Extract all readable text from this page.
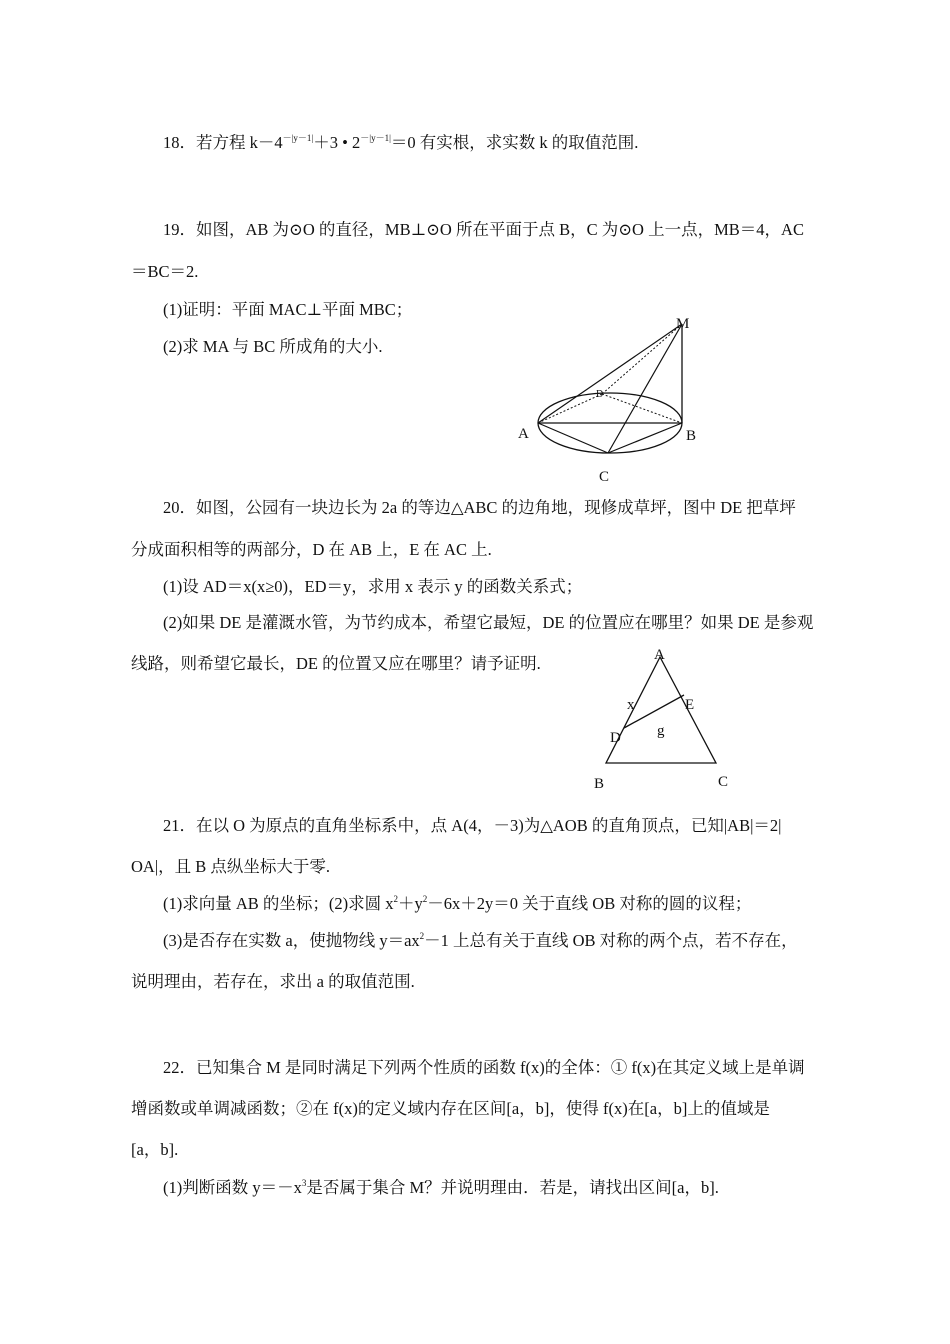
18．若方程 $k-4^{-|y-1|}+3$ • $2^{-|y-1|}=0$ 有实根，求实数 k 的取值范围.
19．如图，AB 为⊙O 的直径，MB⊥⊙O 所在平面于点 B，C 为⊙O 上一点，MB＝4，AC
＝BC＝2.
(1)证明：平面 MAC⊥平面 MBC；
(2)求 MA 与 BC 所成角的大小.
M
D
A	B
C
20．如图，公园有一块边长为 2a 的等边△ABC 的边角地，现修成草坪，图中 DE 把草坪
分成面积相等的两部分，D 在 AB 上，E 在 AC 上.
(1)设 AD＝x(x≥0)，ED＝y，求用 x 表示 y 的函数关系式；
(2)如果 DE 是灌溉水管，为节约成本，希望它最短，DE 的位置应在哪里？如果 DE 是参观
线路，则希望它最长，DE 的位置又应在哪里？请予证明.	A
x	E
g
D
B	C
21．在以 O 为原点的直角坐标系中，点 A(4，－3)为△AOB 的直角顶点，已知|AB|＝2|
OA|，且 B 点纵坐标大于零.
(1)求向量 AB 的坐标；(2)求圆 $x^2+y^2-6x+2y=0$ 关于直线 OB 对称的圆的议程；
(3)是否存在实数 a，使抛物线 $y=ax^2-1$ 上总有关于直线 OB 对称的两个点，若不存在，
说明理由，若存在，求出 a 的取值范围.
22．已知集合 M 是同时满足下列两个性质的函数 f(x)的全体：① f(x)在其定义域上是单调
增函数或单调减函数；②在 f(x)的定义域内存在区间[a，b]，使得 f(x)在[a，b]上的值域是
[a，b].
(1)判断函数 $y=-x^3$是否属于集合 M？并说明理由．若是，请找出区间[a，b].
